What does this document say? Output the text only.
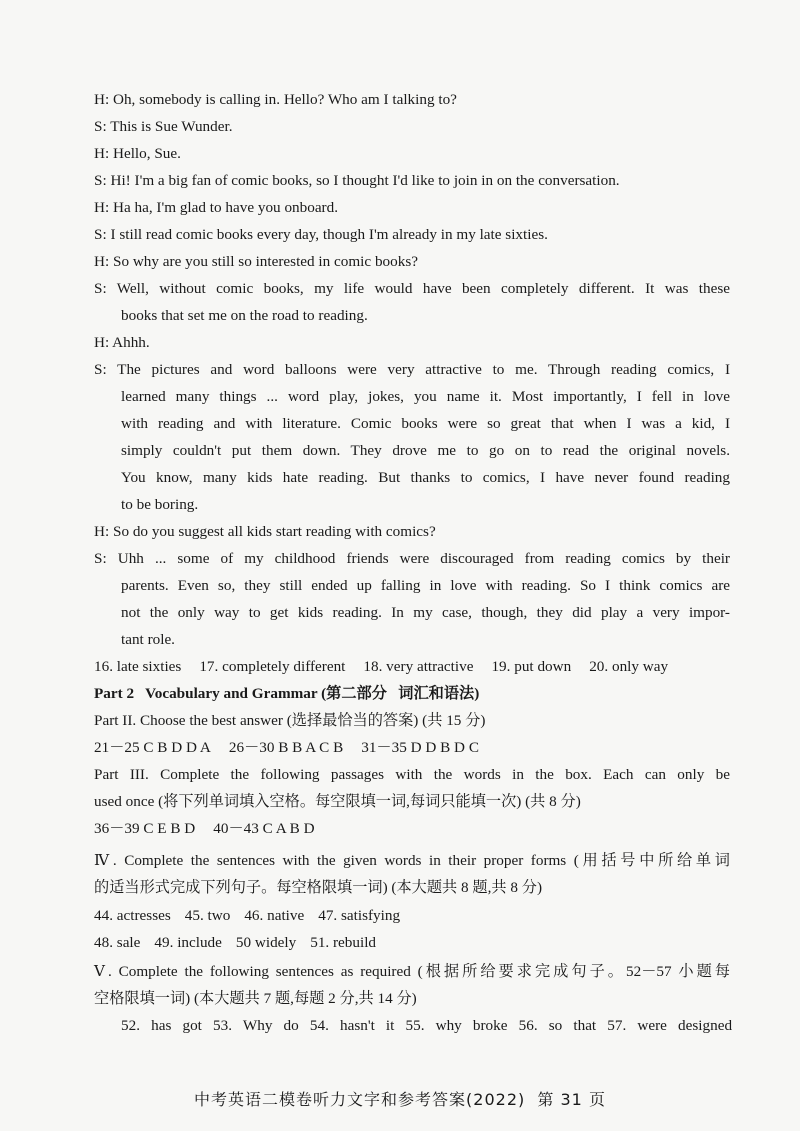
H: Oh, somebody is calling in. Hello? Who am I talking to?
S: This is Sue Wunder.
H: Hello, Sue.
S: Hi! I'm a big fan of comic books, so I thought I'd like to join in on the conversation.
H: Ha ha, I'm glad to have you onboard.
S: I still read comic books every day, though I'm already in my late sixties.
H: So why are you still so interested in comic books?
S: Well, without comic books, my life would have been completely different. It was these
books that set me on the road to reading.
H: Ahhh.
S: The pictures and word balloons were very attractive to me. Through reading comics, I
learned many things ... word play, jokes, you name it. Most importantly, I fell in love
with reading and with literature. Comic books were so great that when I was a kid, I
simply couldn't put them down. They drove me to go on to read the original novels.
You know, many kids hate reading. But thanks to comics, I have never found reading
to be boring.
H: So do you suggest all kids start reading with comics?
S: Uhh ... some of my childhood friends were discouraged from reading comics by their
parents. Even so, they still ended up falling in love with reading. So I think comics are
not the only way to get kids reading. In my case, though, they did play a very impor-
tant role.
16. late sixties 17. completely different 18. very attractive 19. put down 20. only way
Part 2   Vocabulary and Grammar (第二部分   词汇和语法)
Part II. Choose the best answer (选择最恰当的答案) (共 15 分)
21－25 C B D D A 26－30 B B A C B 31－35 D D B D C
Part III. Complete the following passages with the words in the box. Each can only be
used once (将下列单词填入空格。每空限填一词,每词只能填一次) (共 8 分)
36－39 C E B D 40－43 C A B D
Ⅳ. Complete the sentences with the given words in their proper forms (用括号中所给单词
的适当形式完成下列句子。每空格限填一词) (本大题共 8 题,共 8 分)
44. actresses 45. two 46. native 47. satisfying
48. sale 49. include 50 widely 51. rebuild
Ⅴ. Complete the following sentences as required (根据所给要求完成句子。52－57 小题每
空格限填一词) (本大题共 7 题,每题 2 分,共 14 分)
52. has got 53. Why do 54. hasn't it 55. why broke 56. so that 57. were designed
中考英语二模卷听力文字和参考答案(2022)  第 31 页
